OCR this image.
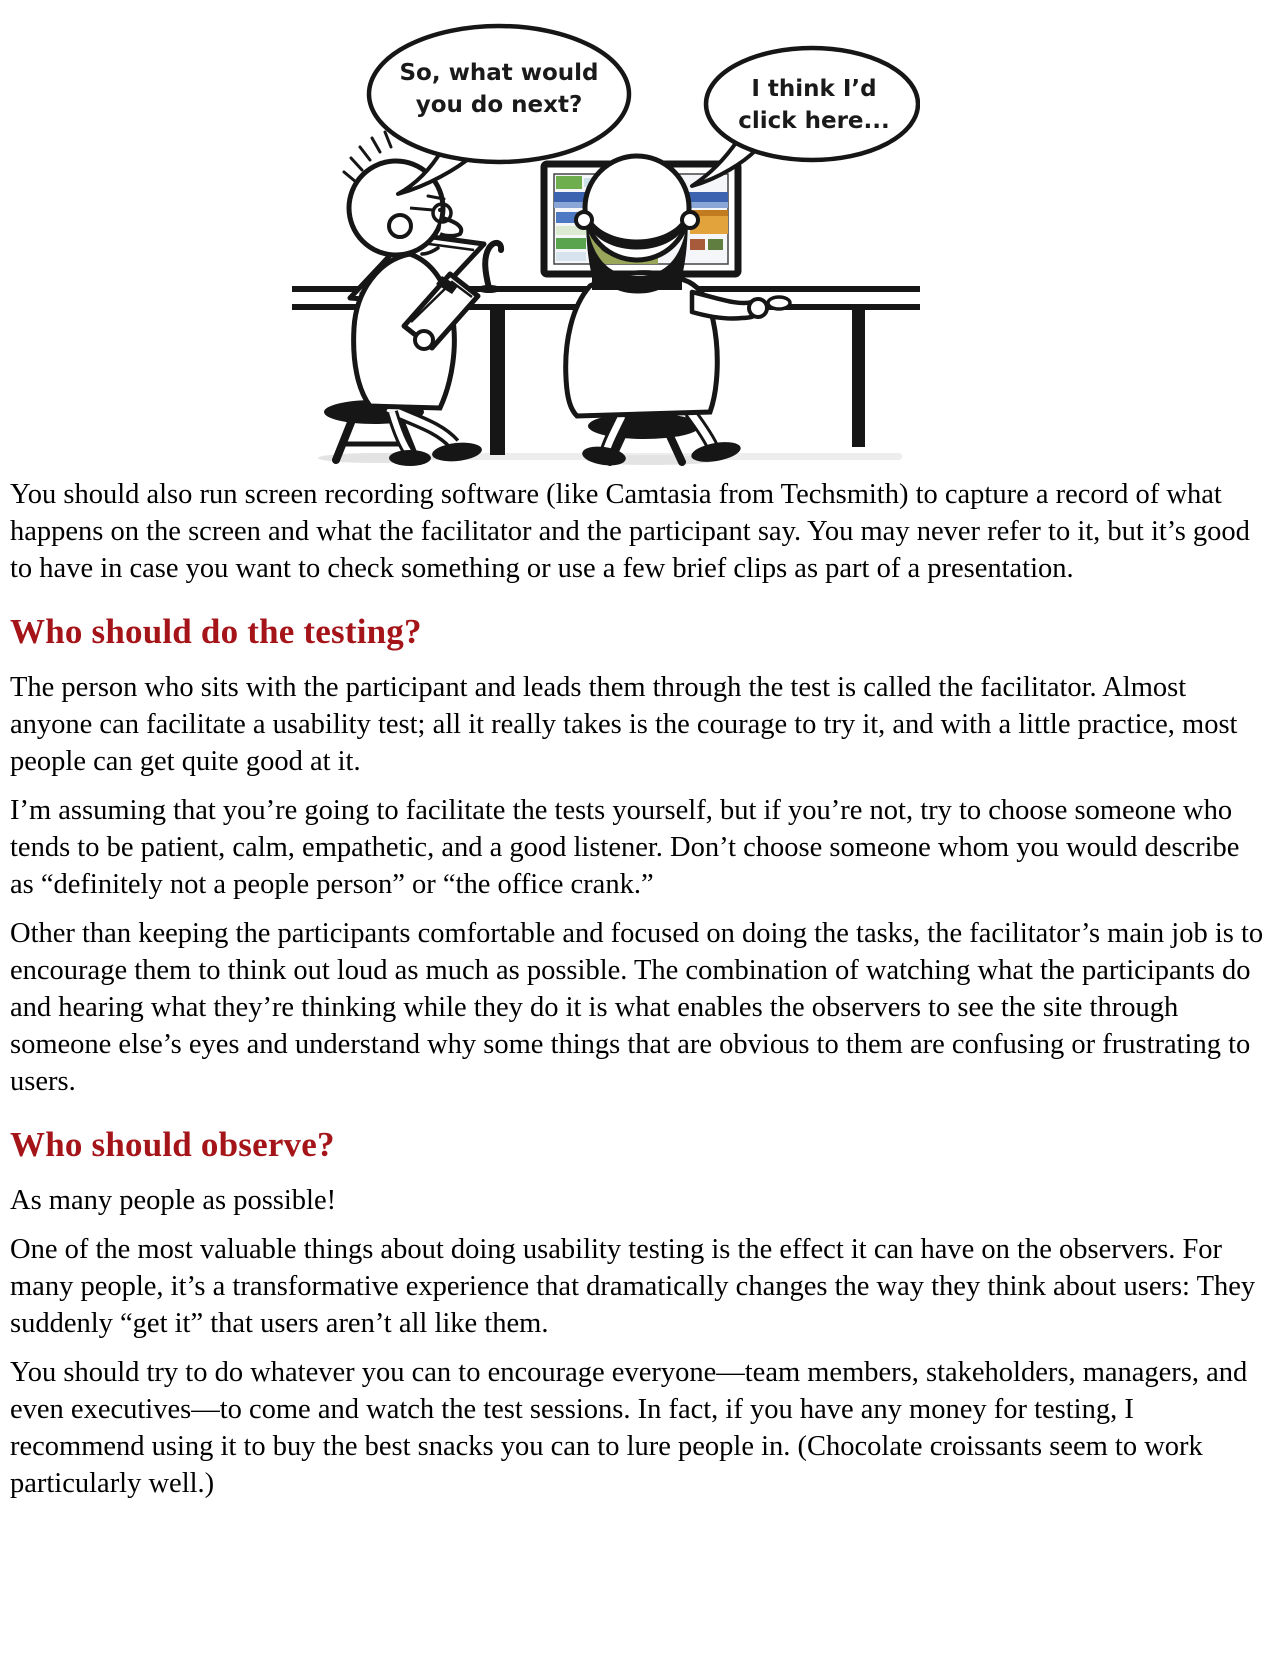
So, what would
you do next?
I think I’d
click here...

You should also run screen recording software (like Camtasia from Techsmith) to capture a record of what happens on the screen and what the facilitator and the participant say. You may never refer to it, but it’s good to have in case you want to check something or use a few brief clips as part of a presentation.

Who should do the testing?

The person who sits with the participant and leads them through the test is called the facilitator. Almost anyone can facilitate a usability test; all it really takes is the courage to try it, and with a little practice, most people can get quite good at it.

I’m assuming that you’re going to facilitate the tests yourself, but if you’re not, try to choose someone who tends to be patient, calm, empathetic, and a good listener. Don’t choose someone whom you would describe as “definitely not a people person” or “the office crank.”

Other than keeping the participants comfortable and focused on doing the tasks, the facilitator’s main job is to encourage them to think out loud as much as possible. The combination of watching what the participants do and hearing what they’re thinking while they do it is what enables the observers to see the site through someone else’s eyes and understand why some things that are obvious to them are confusing or frustrating to users.

Who should observe?

As many people as possible!

One of the most valuable things about doing usability testing is the effect it can have on the observers. For many people, it’s a transformative experience that dramatically changes the way they think about users: They suddenly “get it” that users aren’t all like them.

You should try to do whatever you can to encourage everyone—team members, stakeholders, managers, and even executives—to come and watch the test sessions. In fact, if you have any money for testing, I recommend using it to buy the best snacks you can to lure people in. (Chocolate croissants seem to work particularly well.)
